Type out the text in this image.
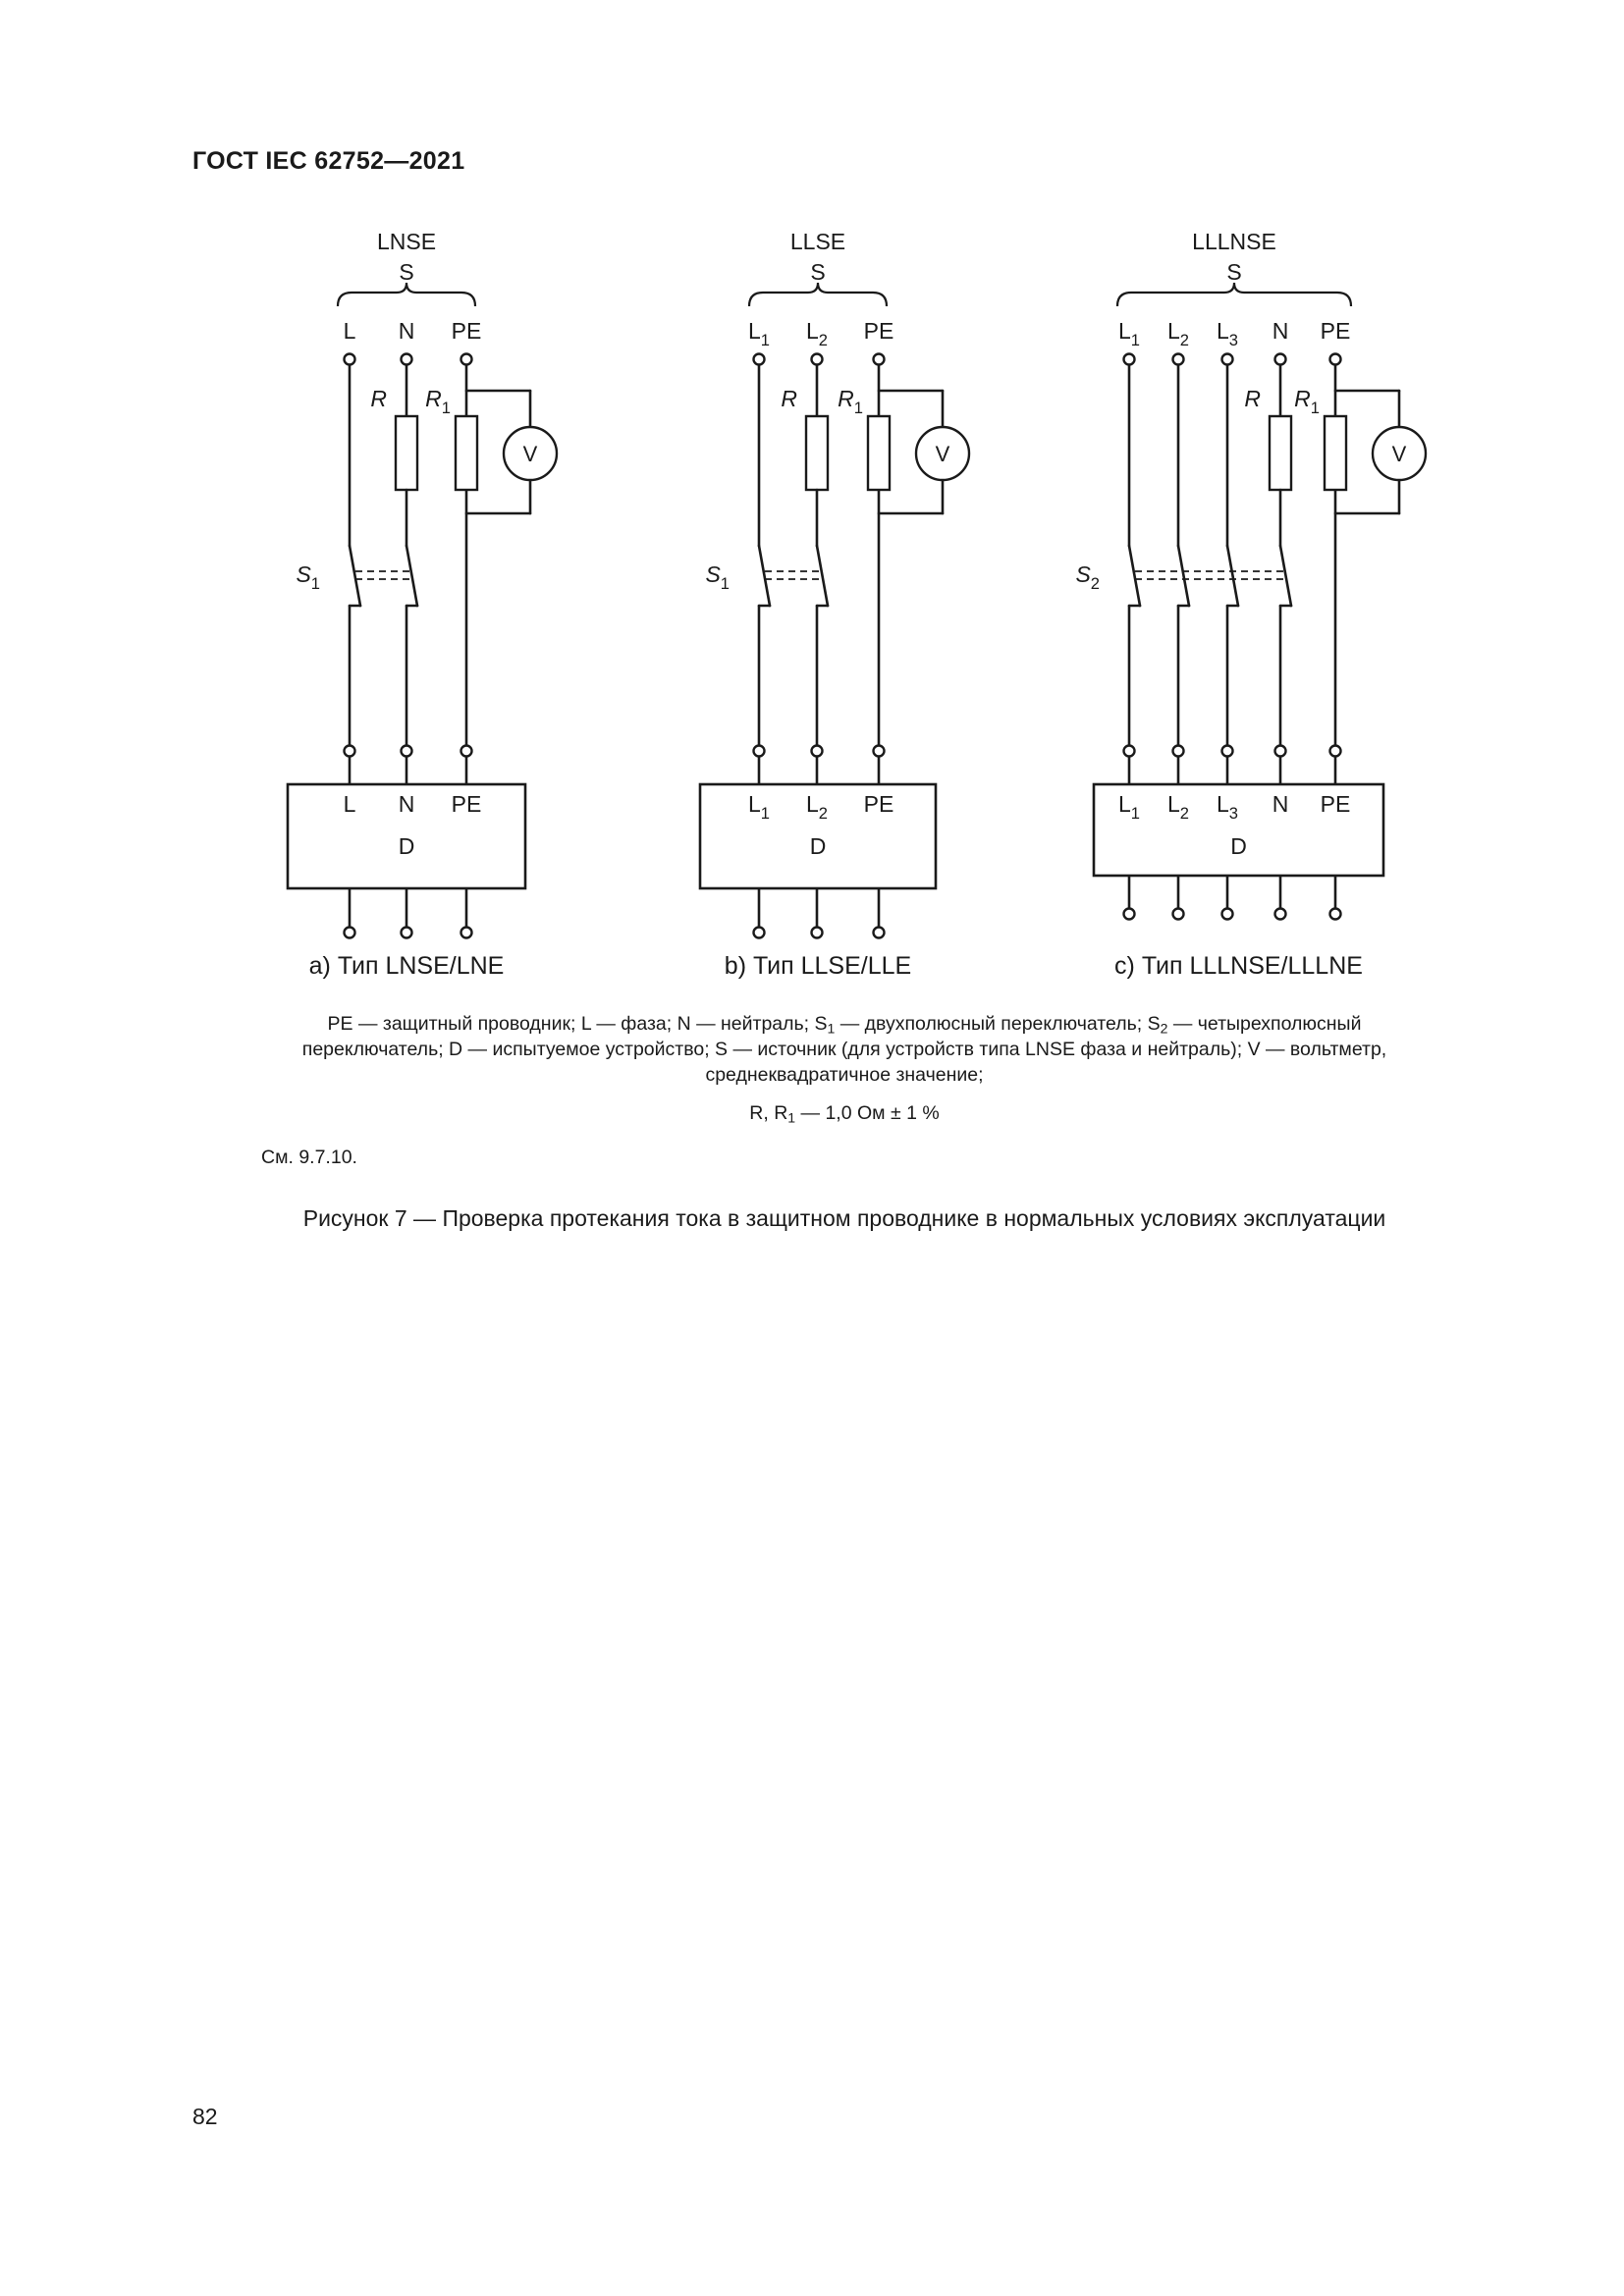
ГОСТ IEC 62752—2021
LNSE
S
L N PE
V
R $R_1$
$S_1$
L N PE
D
a) Тип LNSE/LNE
LLSE
S
$L_1$ $L_2$ PE
V
R $R_1$
$S_1$
$L_1$ $L_2$ PE
D
b) Тип LLSE/LLE
LLLNSE
S
$L_1$ $L_2$ $L_3$ N PE
V
R $R_1$
$S_2$
$L_1$ $L_2$ $L_3$ N PE
D
c) Тип LLLNSE/LLLNE

PE — защитный проводник; L — фаза; N — нейтраль; $S_1$ — двухполюсный переключатель; $S_2$ — четырехполюсный

переключатель; D — испытуемое устройство; S — источник (для устройств типа LNSE фаза и нейтраль); V — вольтметр,

среднеквадратичное значение;

R, $R_1$ — 1,0 Ом ± 1 %

См. 9.7.10.

Рисунок 7 — Проверка протекания тока в защитном проводнике в нормальных условиях эксплуатации

82
